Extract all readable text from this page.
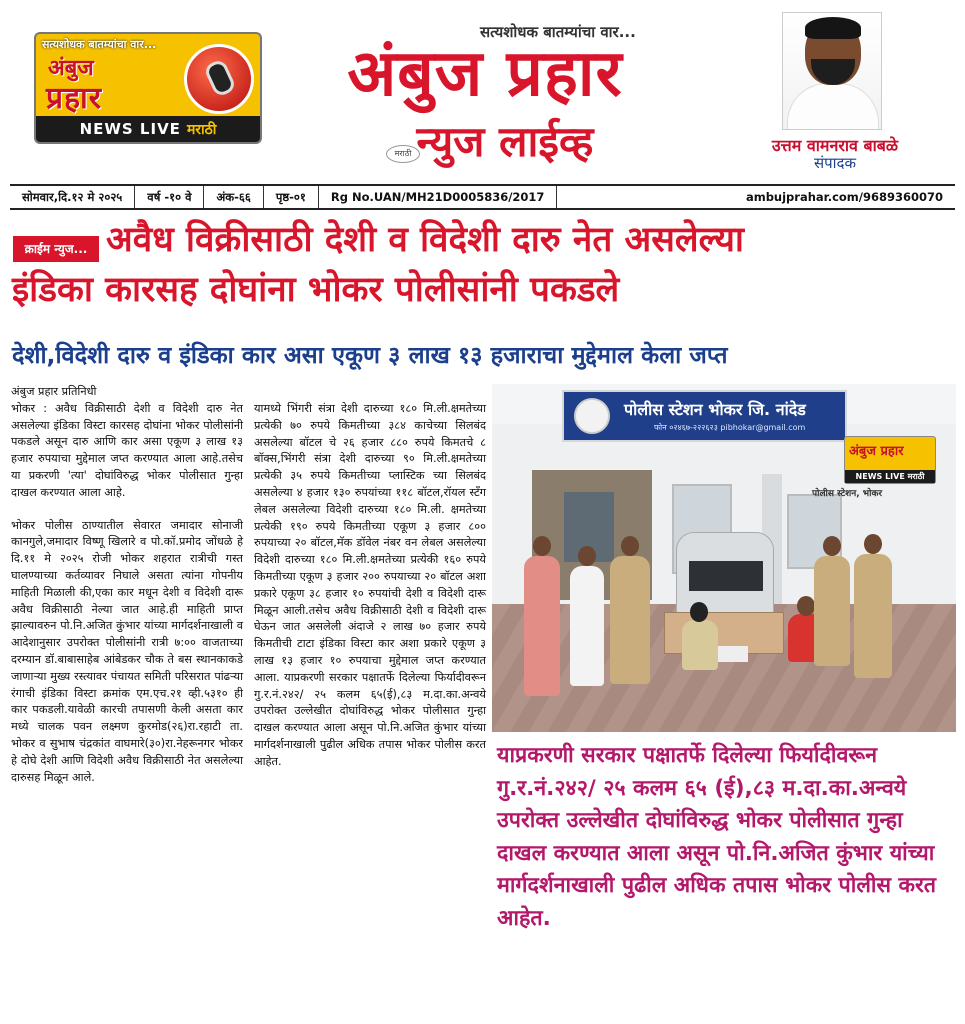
सत्यशोधक बातम्यांचा वार...
अंबुज
प्रहार
NEWS LIVE मराठी
सत्यशोधक बातम्यांचा वार...
अंबुज प्रहार
न्युज लाईव्ह
मराठी	उत्तम वामनराव बाबळे
संपादक
सोमवार,दि.१२ मे २०२५	वर्ष -१० वे	अंक-६६	पृष्ठ-०१	Rg No.UAN/MH21D0005836/2017	ambujprahar.com/9689360070
क्राईम न्युज... अवैध विक्रीसाठी देशी व विदेशी दारु नेत असलेल्या
इंडिका कारसह दोघांना भोकर पोलीसांनी पकडले
देशी,विदेशी दारु व इंडिका कार असा एकूण ३ लाख १३ हजाराचा मुद्देमाल केला जप्त
अंबुज प्रहार प्रतिनिधी

भोकर : अवैध विक्रीसाठी देशी व विदेशी दारु नेत असलेल्या इंडिका विस्टा कारसह दोघांना भोकर पोलीसांनी पकडले असून दारु आणि कार असा एकूण ३ लाख १३ हजार रुपयाचा मुद्देमाल जप्त करण्यात आला आहे.तसेच या प्रकरणी 'त्या' दोघांविरुद्ध भोकर पोलीसात गुन्हा दाखल करण्यात आला आहे.

भोकर पोलीस ठाण्यातील सेवारत जमादार सोनाजी कानगुले,जमादार विष्णू खिलारे व पो.कॉ.प्रमोद जोंधळे हे दि.११ मे २०२५ रोजी भोकर शहरात रात्रीची गस्त घालण्याच्या कर्तव्यावर निघाले असता त्यांना गोपनीय माहिती मिळाली की,एका कार मधून देशी व विदेशी दारू अवैध विक्रीसाठी नेल्या जात आहे.ही माहिती प्राप्त झाल्यावरुन पो.नि.अजित कुंभार यांच्या मार्गदर्शनाखाली व आदेशानुसार उपरोक्त पोलीसांनी रात्री ७:०० वाजताच्या दरम्यान डॉ.बाबासाहेब आंबेडकर चौक ते बस स्थानकाकडे जाणाऱ्या मुख्य रस्त्यावर पंचायत समिती परिसरात पांढऱ्या रंगाची इंडिका विस्टा क्रमांक एम.एच.२१ व्ही.५३१० ही कार पकडली.यावेळी कारची तपासणी केली असता कार मध्ये चालक पवन लक्ष्मण कुरमोड(२६)रा.रहाटी ता. भोकर व सुभाष चंद्रकांत वाघमारे(३०)रा.नेहरूनगर भोकर हे दोघे देशी आणि विदेशी अवैध विक्रीसाठी नेत असलेल्या दारुसह मिळून आले.

यामध्ये भिंगरी संत्रा देशी दारुच्या १८० मि.ली.क्षमतेच्या प्रत्येकी ७० रुपये किमतीच्या ३८४ काचेच्या सिलबंद असलेल्या बॉटल चे २६ हजार ८८० रुपये किमतचे ८ बॉक्स,भिंगरी संत्रा देशी दारुच्या ९० मि.ली.क्षमतेच्या प्रत्येकी ३५ रुपये किमतीच्या प्लास्टिक च्या सिलबंद असलेल्या ४ हजार १३० रुपयांच्या ११८ बॉटल,रॉयल स्टँग लेबल असलेल्या विदेशी दारुच्या १८० मि.ली. क्षमतेच्या प्रत्येकी १९० रुपये किमतीच्या एकूण ३ हजार ८०० रुपयाच्या २० बॉटल,मॅक डॉवेल नंबर वन लेबल असलेल्या विदेशी दारुच्या १८० मि.ली.क्षमतेच्या प्रत्येकी १६० रुपये किमतीच्या एकूण ३ हजार २०० रुपयाच्या २० बॉटल अशा प्रकारे एकूण ३८ हजार १० रुपयांची देशी व विदेशी दारू मिळून आली.तसेच अवैध विक्रीसाठी देशी व विदेशी दारू घेऊन जात असलेली अंदाजे २ लाख ७० हजार रुपये किमतीची टाटा इंडिका विस्टा कार अशा प्रकारे एकूण ३ लाख १३ हजार १० रुपयाचा मुद्देमाल जप्त करण्यात आला. याप्रकरणी सरकार पक्षातर्फे दिलेल्या फिर्यादीवरून गु.र.नं.२४२/ २५ कलम ६५(ई),८३ म.दा.का.अन्वये उपरोक्त उल्लेखीत दोघांविरुद्ध भोकर पोलीसात गुन्हा दाखल करण्यात आला असून पो.नि.अजित कुंभार यांच्या मार्गदर्शनाखाली पुढील अधिक तपास भोकर पोलीस करत आहेत.

पोलीस स्टेशन भोकर जि. नांदेड
फोन ०२४६७-२२२६२३ pibhokar@gmail.com
पोलीस स्टेशन, भोकर
अंबुज प्रहार
NEWS LIVE मराठी
याप्रकरणी सरकार पक्षातर्फे दिलेल्या फिर्यादीवरून गु.र.नं.२४२/ २५ कलम ६५ (ई),८३ म.दा.का.अन्वये उपरोक्त उल्लेखीत दोघांविरुद्ध भोकर पोलीसात गुन्हा दाखल करण्यात आला असून पो.नि.अजित कुंभार यांच्या मार्गदर्शनाखाली पुढील अधिक तपास भोकर पोलीस करत आहेत.
